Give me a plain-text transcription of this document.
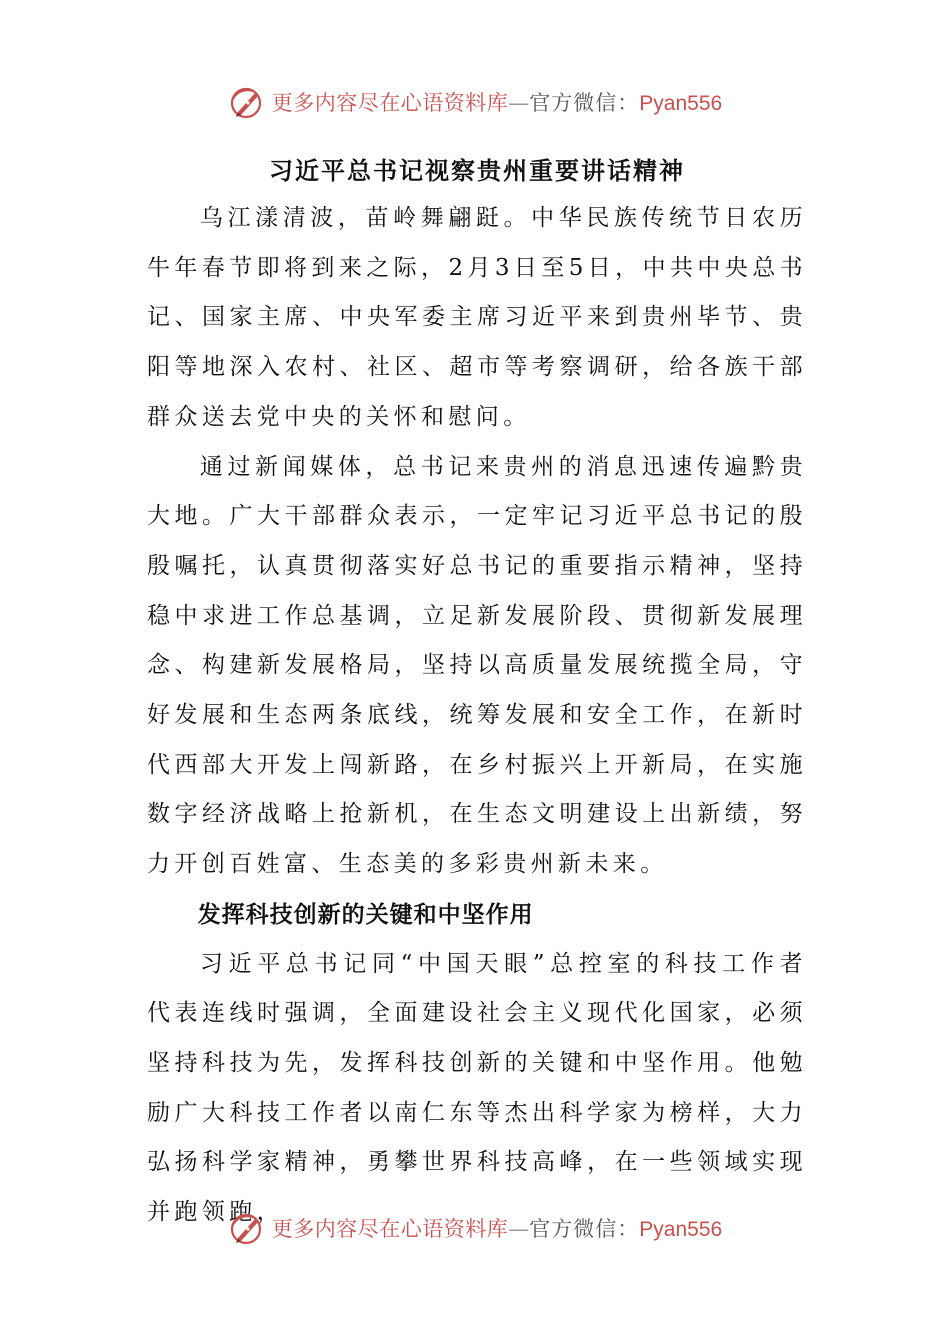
更多内容尽在心语资料库 — 官方微信： Pyan556
习近平总书记视察贵州重要讲话精神

乌江漾清波，苗岭舞翩跹。中华民族传统节日农历牛年春节即将到来之际，2月3日至5日，中共中央总书记、国家主席、中央军委主席习近平来到贵州毕节、贵阳等地深入农村、社区、超市等考察调研，给各族干部群众送去党中央的关怀和慰问。

通过新闻媒体，总书记来贵州的消息迅速传遍黔贵大地。广大干部群众表示，一定牢记习近平总书记的殷殷嘱托，认真贯彻落实好总书记的重要指示精神，坚持稳中求进工作总基调，立足新发展阶段、贯彻新发展理念、构建新发展格局，坚持以高质量发展统揽全局，守好发展和生态两条底线，统筹发展和安全工作，在新时代西部大开发上闯新路，在乡村振兴上开新局，在实施数字经济战略上抢新机，在生态文明建设上出新绩，努力开创百姓富、生态美的多彩贵州新未来。

发挥科技创新的关键和中坚作用

习近平总书记同“中国天眼”总控室的科技工作者代表连线时强调，全面建设社会主义现代化国家，必须坚持科技为先，发挥科技创新的关键和中坚作用。他勉励广大科技工作者以南仁东等杰出科学家为榜样，大力弘扬科学家精神，勇攀世界科技高峰，在一些领域实现并跑领跑，

更多内容尽在心语资料库 — 官方微信： Pyan556
